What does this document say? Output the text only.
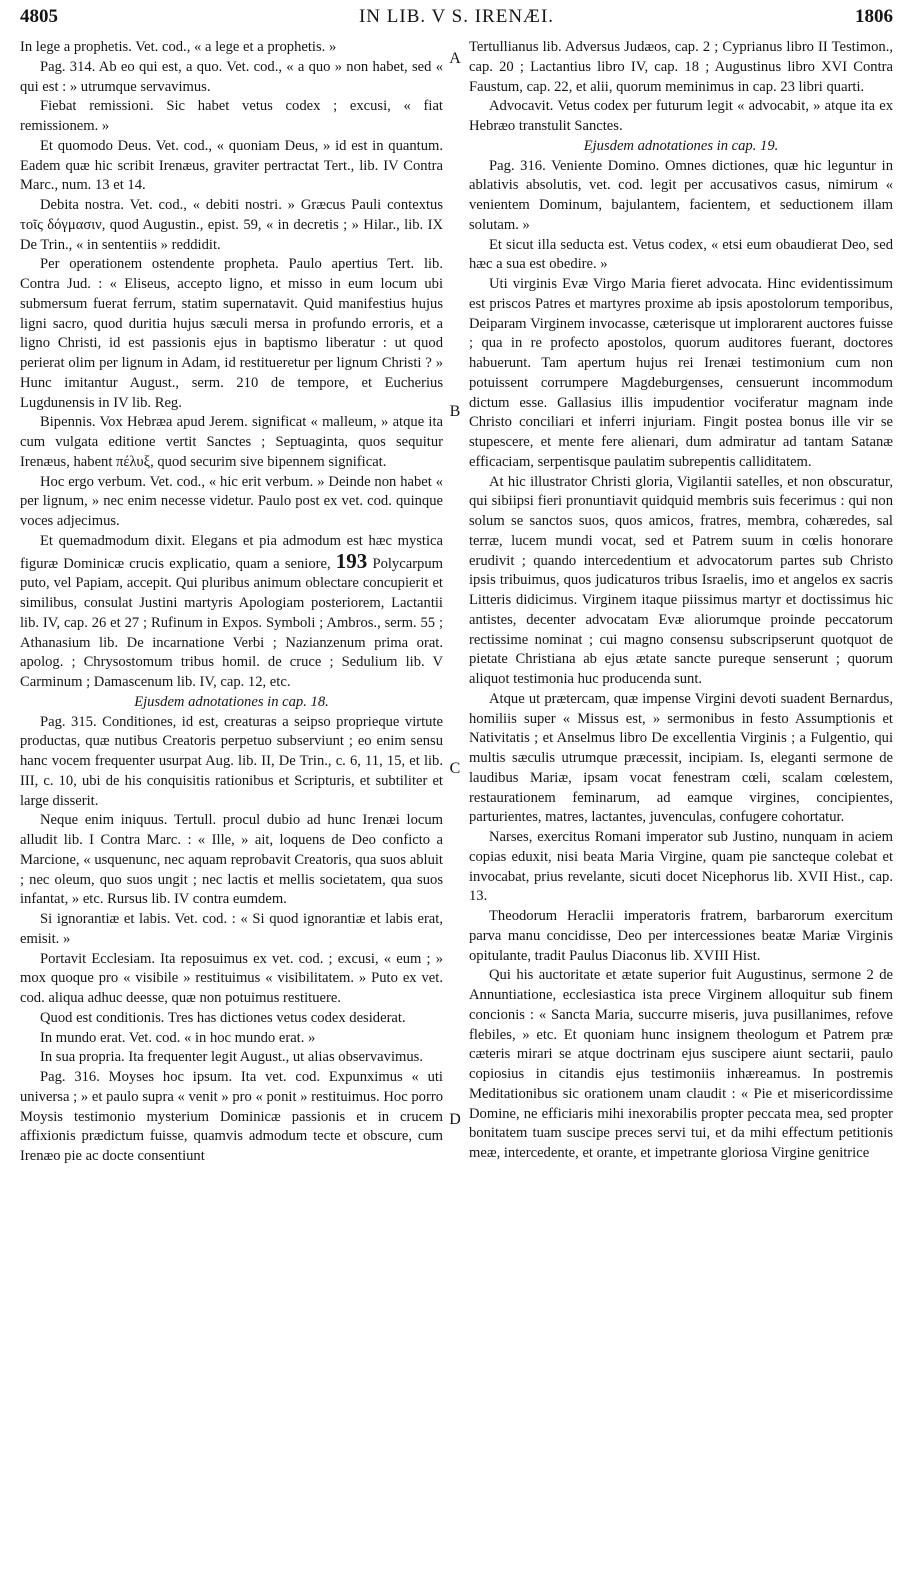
4805	IN LIB. V S. IRENÆI.	1806

In lege a prophetis. Vet. cod., « a lege et a prophetis. »

Pag. 314. Ab eo qui est, a quo. Vet. cod., « a quo » non habet, sed « qui est : » utrumque servavimus.

Fiebat remissioni. Sic habet vetus codex ; excusi, « fiat remissionem. »

Et quomodo Deus. Vet. cod., « quoniam Deus, » id est in quantum. Eadem quæ hic scribit Irenæus, graviter pertractat Tert., lib. IV Contra Marc., num. 13 et 14.

Debita nostra. Vet. cod., « debiti nostri. » Græcus Pauli contextus τοῖς δόγμασιν, quod Augustin., epist. 59, « in decretis ; » Hilar., lib. IX De Trin., « in sententiis » reddidit.

Per operationem ostendente propheta. Paulo apertius Tert. lib. Contra Jud. : « Eliseus, accepto ligno, et misso in eum locum ubi submersum fuerat ferrum, statim supernatavit. Quid manifestius hujus ligni sacro, quod duritia hujus sæculi mersa in profundo erroris, et a ligno Christi, id est passionis ejus in baptismo liberatur : ut quod perierat olim per lignum in Adam, id restitueretur per lignum Christi ? » Hunc imitantur August., serm. 210 de tempore, et Eucherius Lugdunensis in IV lib. Reg.

Bipennis. Vox Hebræa apud Jerem. significat « malleum, » atque ita cum vulgata editione vertit Sanctes ; Septuaginta, quos sequitur Irenæus, habent πέλυξ, quod securim sive bipennem significat.

Hoc ergo verbum. Vet. cod., « hic erit verbum. » Deinde non habet « per lignum, » nec enim necesse videtur. Paulo post ex vet. cod. quinque voces adjecimus.

Et quemadmodum dixit. Elegans et pia admodum est hæc mystica figuræ Dominicæ crucis explicatio, quam a seniore, 193 Polycarpum puto, vel Papiam, accepit. Qui pluribus animum oblectare concupierit et similibus, consulat Justini martyris Apologiam posteriorem, Lactantii lib. IV, cap. 26 et 27 ; Rufinum in Expos. Symboli ; Ambros., serm. 55 ; Athanasium lib. De incarnatione Verbi ; Nazianzenum prima orat. apolog. ; Chrysostomum tribus homil. de cruce ; Sedulium lib. V Carminum ; Damascenum lib. IV, cap. 12, etc.

Ejusdem adnotationes in cap. 18.

Pag. 315. Conditiones, id est, creaturas a seipso proprieque virtute productas, quæ nutibus Creatoris perpetuo subserviunt ; eo enim sensu hanc vocem frequenter usurpat Aug. lib. II, De Trin., c. 6, 11, 15, et lib. III, c. 10, ubi de his conquisitis rationibus et Scripturis, et subtiliter et large disserit.

Neque enim iniquus. Tertull. procul dubio ad hunc Irenæi locum alludit lib. I Contra Marc. : « Ille, » ait, loquens de Deo conficto a Marcione, « usquenunc, nec aquam reprobavit Creatoris, qua suos abluit ; nec oleum, quo suos ungit ; nec lactis et mellis societatem, qua suos infantat, » etc. Rursus lib. IV contra eumdem.

Si ignorantiæ et labis. Vet. cod. : « Si quod ignorantiæ et labis erat, emisit. »

Portavit Ecclesiam. Ita reposuimus ex vet. cod. ; excusi, « eum ; » mox quoque pro « visibile » restituimus « visibilitatem. » Puto ex vet. cod. aliqua adhuc deesse, quæ non potuimus restituere.

Quod est conditionis. Tres has dictiones vetus codex desiderat.

In mundo erat. Vet. cod. « in hoc mundo erat. »

In sua propria. Ita frequenter legit August., ut alias observavimus.

Pag. 316. Moyses hoc ipsum. Ita vet. cod. Expunximus « uti universa ; » et paulo supra « venit » pro « ponit » restituimus. Hoc porro Moysis testimonio mysterium Dominicæ passionis et in crucem affixionis prædictum fuisse, quamvis admodum tecte et obscure, cum Irenæo pie ac docte consentiunt

A
B
C
D

Tertullianus lib. Adversus Judæos, cap. 2 ; Cyprianus libro II Testimon., cap. 20 ; Lactantius libro IV, cap. 18 ; Augustinus libro XVI Contra Faustum, cap. 22, et alii, quorum meminimus in cap. 23 libri quarti.

Advocavit. Vetus codex per futurum legit « advocabit, » atque ita ex Hebræo transtulit Sanctes.

Ejusdem adnotationes in cap. 19.

Pag. 316. Veniente Domino. Omnes dictiones, quæ hic leguntur in ablativis absolutis, vet. cod. legit per accusativos casus, nimirum « venientem Dominum, bajulantem, facientem, et seductionem illam solutam. »

Et sicut illa seducta est. Vetus codex, « etsi eum obaudierat Deo, sed hæc a sua est obedire. »

Uti virginis Evæ Virgo Maria fieret advocata. Hinc evidentissimum est priscos Patres et martyres proxime ab ipsis apostolorum temporibus, Deiparam Virginem invocasse, cæterisque ut implorarent auctores fuisse ; qua in re profecto apostolos, quorum auditores fuerant, doctores habuerunt. Tam apertum hujus rei Irenæi testimonium cum non potuissent corrumpere Magdeburgenses, censuerunt incommodum dictum esse. Gallasius illis impudentior vociferatur magnam inde Christo conciliari et inferri injuriam. Fingit postea bonus ille vir se stupescere, et mente fere alienari, dum admiratur ad tantam Satanæ efficaciam, serpentisque paulatim subrepentis calliditatem.

At hic illustrator Christi gloria, Vigilantii satelles, et non obscuratur, qui sibiipsi fieri pronuntiavit quidquid membris suis fecerimus : qui non solum se sanctos suos, quos amicos, fratres, membra, cohæredes, sal terræ, lucem mundi vocat, sed et Patrem suum in cœlis honorare erudivit ; quando intercedentium et advocatorum partes sub Christo ipsis tribuimus, quos judicaturos tribus Israelis, imo et angelos ex sacris Litteris didicimus. Virginem itaque piissimus martyr et doctissimus hic antistes, decenter advocatam Evæ aliorumque proinde peccatorum rectissime nominat ; cui magno consensu subscripserunt quotquot de pietate Christiana ab ejus ætate sancte pureque senserunt ; quorum aliquot testimonia huc producenda sunt.

Atque ut prætercam, quæ impense Virgini devoti suadent Bernardus, homiliis super « Missus est, » sermonibus in festo Assumptionis et Nativitatis ; et Anselmus libro De excellentia Virginis ; a Fulgentio, qui multis sæculis utrumque præcessit, incipiam. Is, eleganti sermone de laudibus Mariæ, ipsam vocat fenestram cœli, scalam cœlestem, restaurationem feminarum, ad eamque virgines, concipientes, parturientes, matres, lactantes, juvenculas, confugere cohortatur.

Narses, exercitus Romani imperator sub Justino, nunquam in aciem copias eduxit, nisi beata Maria Virgine, quam pie sancteque colebat et invocabat, prius revelante, sicuti docet Nicephorus lib. XVII Hist., cap. 13.

Theodorum Heraclii imperatoris fratrem, barbarorum exercitum parva manu concidisse, Deo per intercessiones beatæ Mariæ Virginis opitulante, tradit Paulus Diaconus lib. XVIII Hist.

Qui his auctoritate et ætate superior fuit Augustinus, sermone 2 de Annuntiatione, ecclesiastica ista prece Virginem alloquitur sub finem concionis : « Sancta Maria, succurre miseris, juva pusillanimes, refove flebiles, » etc. Et quoniam hunc insignem theologum et Patrem præ cæteris mirari se atque doctrinam ejus suscipere aiunt sectarii, paulo copiosius in citandis ejus testimoniis inhæreamus. In postremis Meditationibus sic orationem unam claudit : « Pie et misericordissime Domine, ne efficiaris mihi inexorabilis propter peccata mea, sed propter bonitatem tuam suscipe preces servi tui, et da mihi effectum petitionis meæ, intercedente, et orante, et impetrante gloriosa Virgine genitrice
